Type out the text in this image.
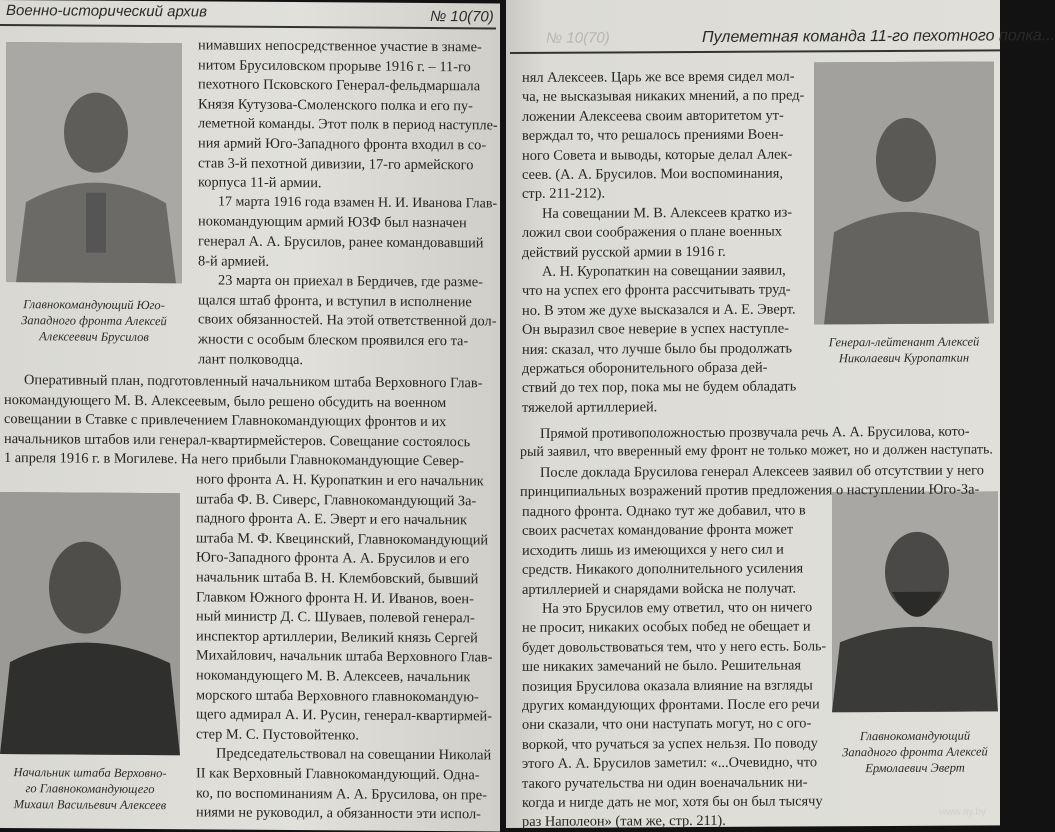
Военно-исторический архив	№ 10(70)
Главнокомандующий Юго-
Западного фронта Алексей
Алексеевич Брусилов
Начальник штаба Верховно-
го Главнокомандующего
Михаил Васильевич Алексеев
нимавших непосредственное участие в знаме-
нитом Брусиловском прорыве 1916 г. – 11-го
пехотного Псковского Генерал-фельдмаршала
Князя Кутузова-Смоленского полка и его пу-
леметной команды. Этот полк в период наступле-
ния армий Юго-Западного фронта входил в со-
став 3-й пехотной дивизии, 17-го армейского
корпуса 11-й армии.
17 марта 1916 года взамен Н. И. Иванова Глав-
нокомандующим армий ЮЗФ был назначен
генерал А. А. Брусилов, ранее командовавший
8-й армией.
23 марта он приехал в Бердичев, где разме-
щался штаб фронта, и вступил в исполнение
своих обязанностей. На этой ответственной дол-
жности с особым блеском проявился его та-
лант полководца.
Оперативный план, подготовленный начальником штаба Верховного Глав-
нокомандующего М. В. Алексеевым, было решено обсудить на военном
совещании в Ставке с привлечением Главнокомандующих фронтов и их
начальников штабов или генерал-квартирмейстеров. Совещание состоялось
1 апреля 1916 г. в Могилеве. На него прибыли Главнокомандующие Север-
ного фронта А. Н. Куропаткин и его начальник
штаба Ф. В. Сиверс, Главнокомандующий За-
падного фронта А. Е. Эверт и его начальник
штаба М. Ф. Квецинский, Главнокомандующий
Юго-Западного фронта А. А. Брусилов и его
начальник штаба В. Н. Клембовский, бывший
Главком Южного фронта Н. И. Иванов, воен-
ный министр Д. С. Шуваев, полевой генерал-
инспектор артиллерии, Великий князь Сергей
Михайлович, начальник штаба Верховного Глав-
нокомандующего М. В. Алексеев, начальник
морского штаба Верховного главнокомандую-
щего адмирал А. И. Русин, генерал-квартирмей-
стер М. С. Пустовойтенко.
Председательствовал на совещании Николай
II как Верховный Главнокомандующий. Одна-
ко, по воспоминаниям А. А. Брусилова, он пре-
ниями не руководил, а обязанности эти испол-
№ 10(70)	Пулеметная команда 11-го пехотного полка...
Генерал-лейтенант Алексей
Николаевич Куропаткин
Главнокомандующий
Западного фронта Алексей
Ермолаевич Эверт
нял Алексеев. Царь же все время сидел мол-
ча, не высказывая никаких мнений, а по пред-
ложении Алексеева своим авторитетом ут-
верждал то, что решалось прениями Воен-
ного Совета и выводы, которые делал Алек-
сеев. (А. А. Брусилов. Мои воспоминания,
стр. 211-212).
На совещании М. В. Алексеев кратко из-
ложил свои соображения о плане военных
действий русской армии в 1916 г.
А. Н. Куропаткин на совещании заявил,
что на успех его фронта рассчитывать труд-
но. В этом же духе высказался и А. Е. Эверт.
Он выразил свое неверие в успех наступле-
ния: сказал, что лучше было бы продолжать
держаться оборонительного образа дей-
ствий до тех пор, пока мы не будем обладать
тяжелой артиллерией.
Прямой противоположностью прозвучала речь А. А. Брусилова, кото-
рый заявил, что вверенный ему фронт не только может, но и должен наступать.
После доклада Брусилова генерал Алексеев заявил об отсутствии у него
принципиальных возражений против предложения о наступлении Юго-За-
падного фронта. Однако тут же добавил, что в
своих расчетах командование фронта может
исходить лишь из имеющихся у него сил и
средств. Никакого дополнительного усиления
артиллерией и снарядами войска не получат.
На это Брусилов ему ответил, что он ничего
не просит, никаких особых побед не обещает и
будет довольствоваться тем, что у него есть. Боль-
ше никаких замечаний не было. Решительная
позиция Брусилова оказала влияние на взгляды
других командующих фронтами. После его речи
они сказали, что они наступать могут, но с ого-
воркой, что ручаться за успех нельзя. По поводу
этого А. А. Брусилов заметил: «...Очевидно, что
такого ручательства ни один военачальник ни-
когда и нигде дать не мог, хотя бы он был тысячу
раз Наполеон» (там же, стр. 211).
www.ay.by
